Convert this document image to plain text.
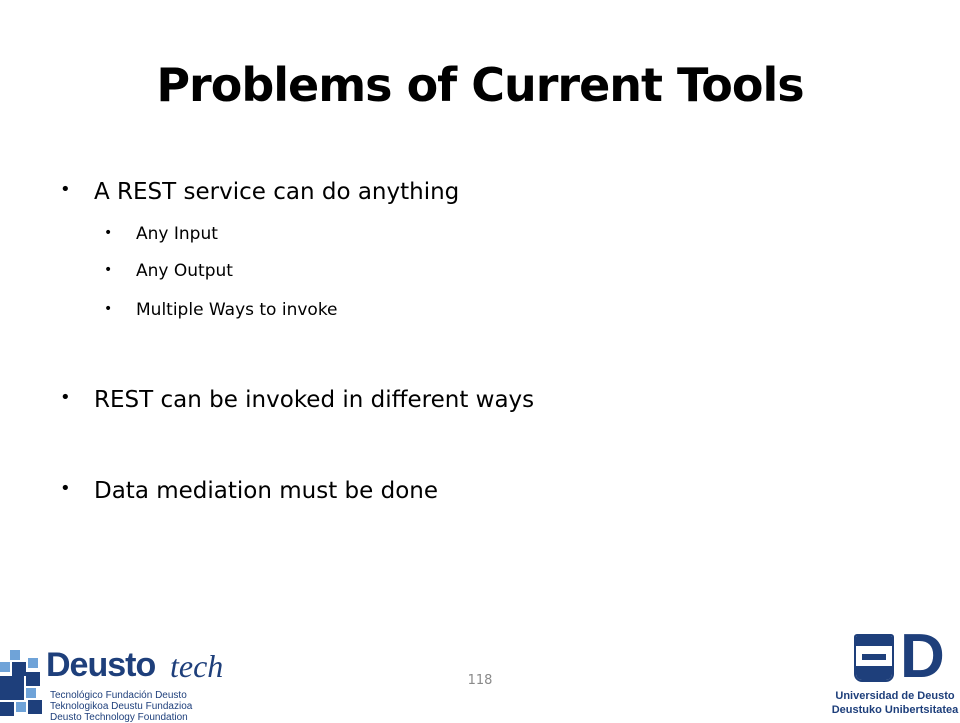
Problems of Current Tools
• A REST service can do anything
• Any Input
• Any Output
• Multiple Ways to invoke
• REST can be invoked in different ways
• Data mediation must be done
118
Deusto tech
Tecnológico Fundación Deusto
Teknologikoa Deustu Fundazioa
Deusto Technology Foundation
D
Universidad de Deusto
Deustuko Unibertsitatea
